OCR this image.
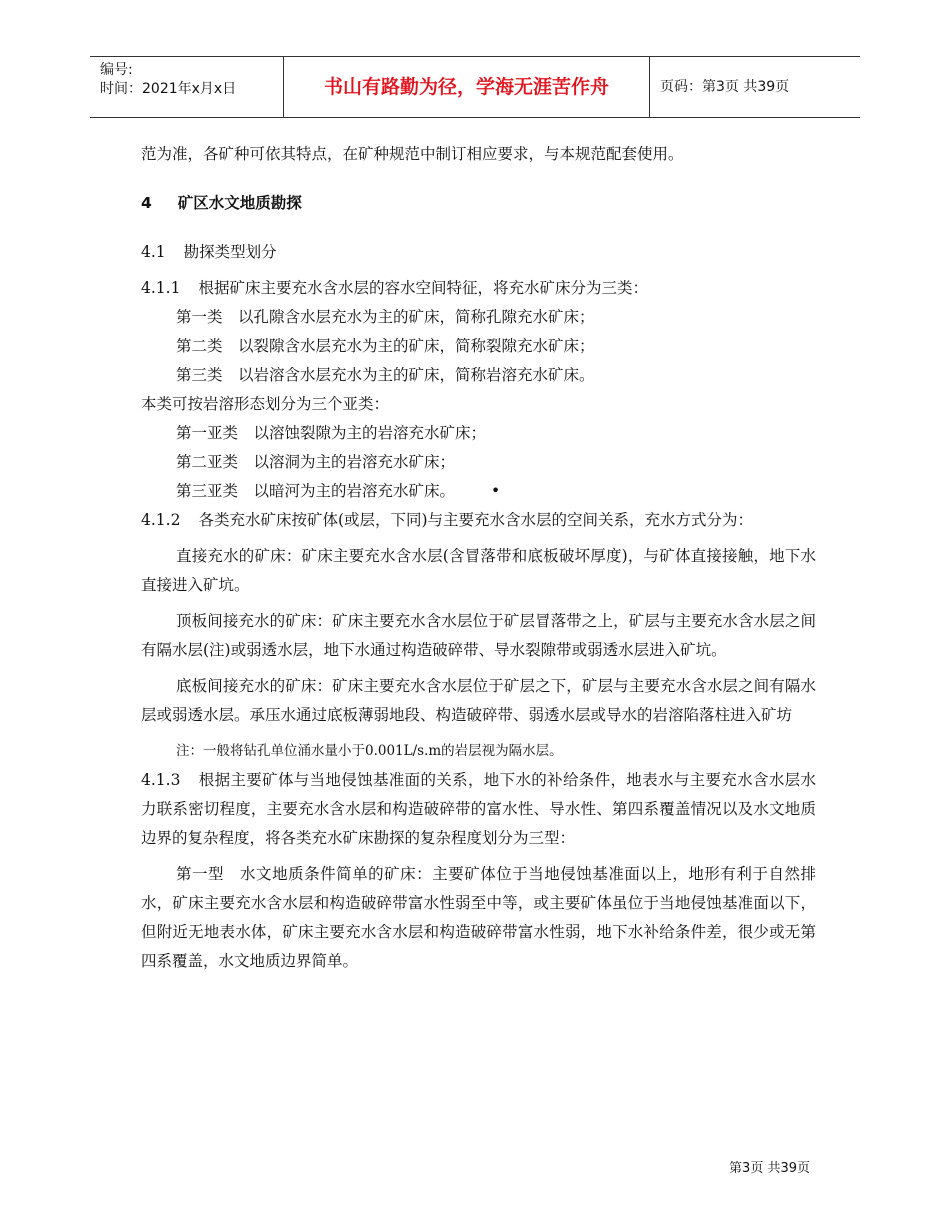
编号:
时间：2021年x月x日	书山有路勤为径，学海无涯苦作舟	页码：第3页 共39页

范为准，各矿种可依其特点，在矿种规范中制订相应要求，与本规范配套使用。

4 矿区水文地质勘探

4.1 勘探类型划分

4.1.1 根据矿床主要充水含水层的容水空间特征，将充水矿床分为三类：

第一类　以孔隙含水层充水为主的矿床，简称孔隙充水矿床；

第二类　以裂隙含水层充水为主的矿床，简称裂隙充水矿床；

第三类　以岩溶含水层充水为主的矿床，简称岩溶充水矿床。

本类可按岩溶形态划分为三个亚类：

第一亚类　以溶蚀裂隙为主的岩溶充水矿床；

第二亚类　以溶洞为主的岩溶充水矿床；

第三亚类　以暗河为主的岩溶充水矿床。 •

4.1.2 各类充水矿床按矿体(或层，下同)与主要充水含水层的空间关系，充水方式分为：

直接充水的矿床：矿床主要充水含水层(含冒落带和底板破坏厚度)，与矿体直接接触，地下水直接进入矿坑。

顶板间接充水的矿床：矿床主要充水含水层位于矿层冒落带之上，矿层与主要充水含水层之间有隔水层(注)或弱透水层，地下水通过构造破碎带、导水裂隙带或弱透水层进入矿坑。

底板间接充水的矿床：矿床主要充水含水层位于矿层之下，矿层与主要充水含水层之间有隔水层或弱透水层。承压水通过底板薄弱地段、构造破碎带、弱透水层或导水的岩溶陷落柱进入矿坊

注：一般将钻孔单位涌水量小于0.001L/s.m的岩层视为隔水层。

4.1.3 根据主要矿体与当地侵蚀基准面的关系，地下水的补给条件，地表水与主要充水含水层水力联系密切程度，主要充水含水层和构造破碎带的富水性、导水性、第四系覆盖情况以及水文地质边界的复杂程度，将各类充水矿床勘探的复杂程度划分为三型：

第一型　水文地质条件简单的矿床：主要矿体位于当地侵蚀基准面以上，地形有利于自然排水，矿床主要充水含水层和构造破碎带富水性弱至中等，或主要矿体虽位于当地侵蚀基准面以下，但附近无地表水体，矿床主要充水含水层和构造破碎带富水性弱，地下水补给条件差，很少或无第四系覆盖，水文地质边界简单。

第3页 共39页
